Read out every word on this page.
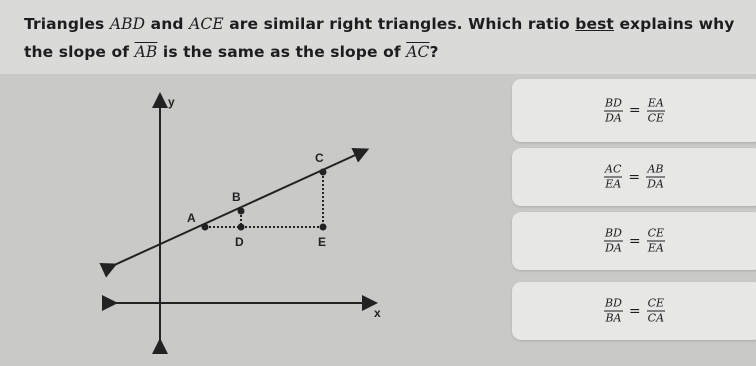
Triangles ABD and ACE are similar right triangles. Which ratio best explains why the slope of $\overline{AB}$ is the same as the slope of $\overline{AC}$?
y
x
A
B
C
D	E
$\frac{BD}{DA} = \frac{EA}{CE}$
$\frac{AC}{EA} = \frac{AB}{DA}$
$\frac{BD}{DA} = \frac{CE}{EA}$
$\frac{BD}{BA} = \frac{CE}{CA}$
